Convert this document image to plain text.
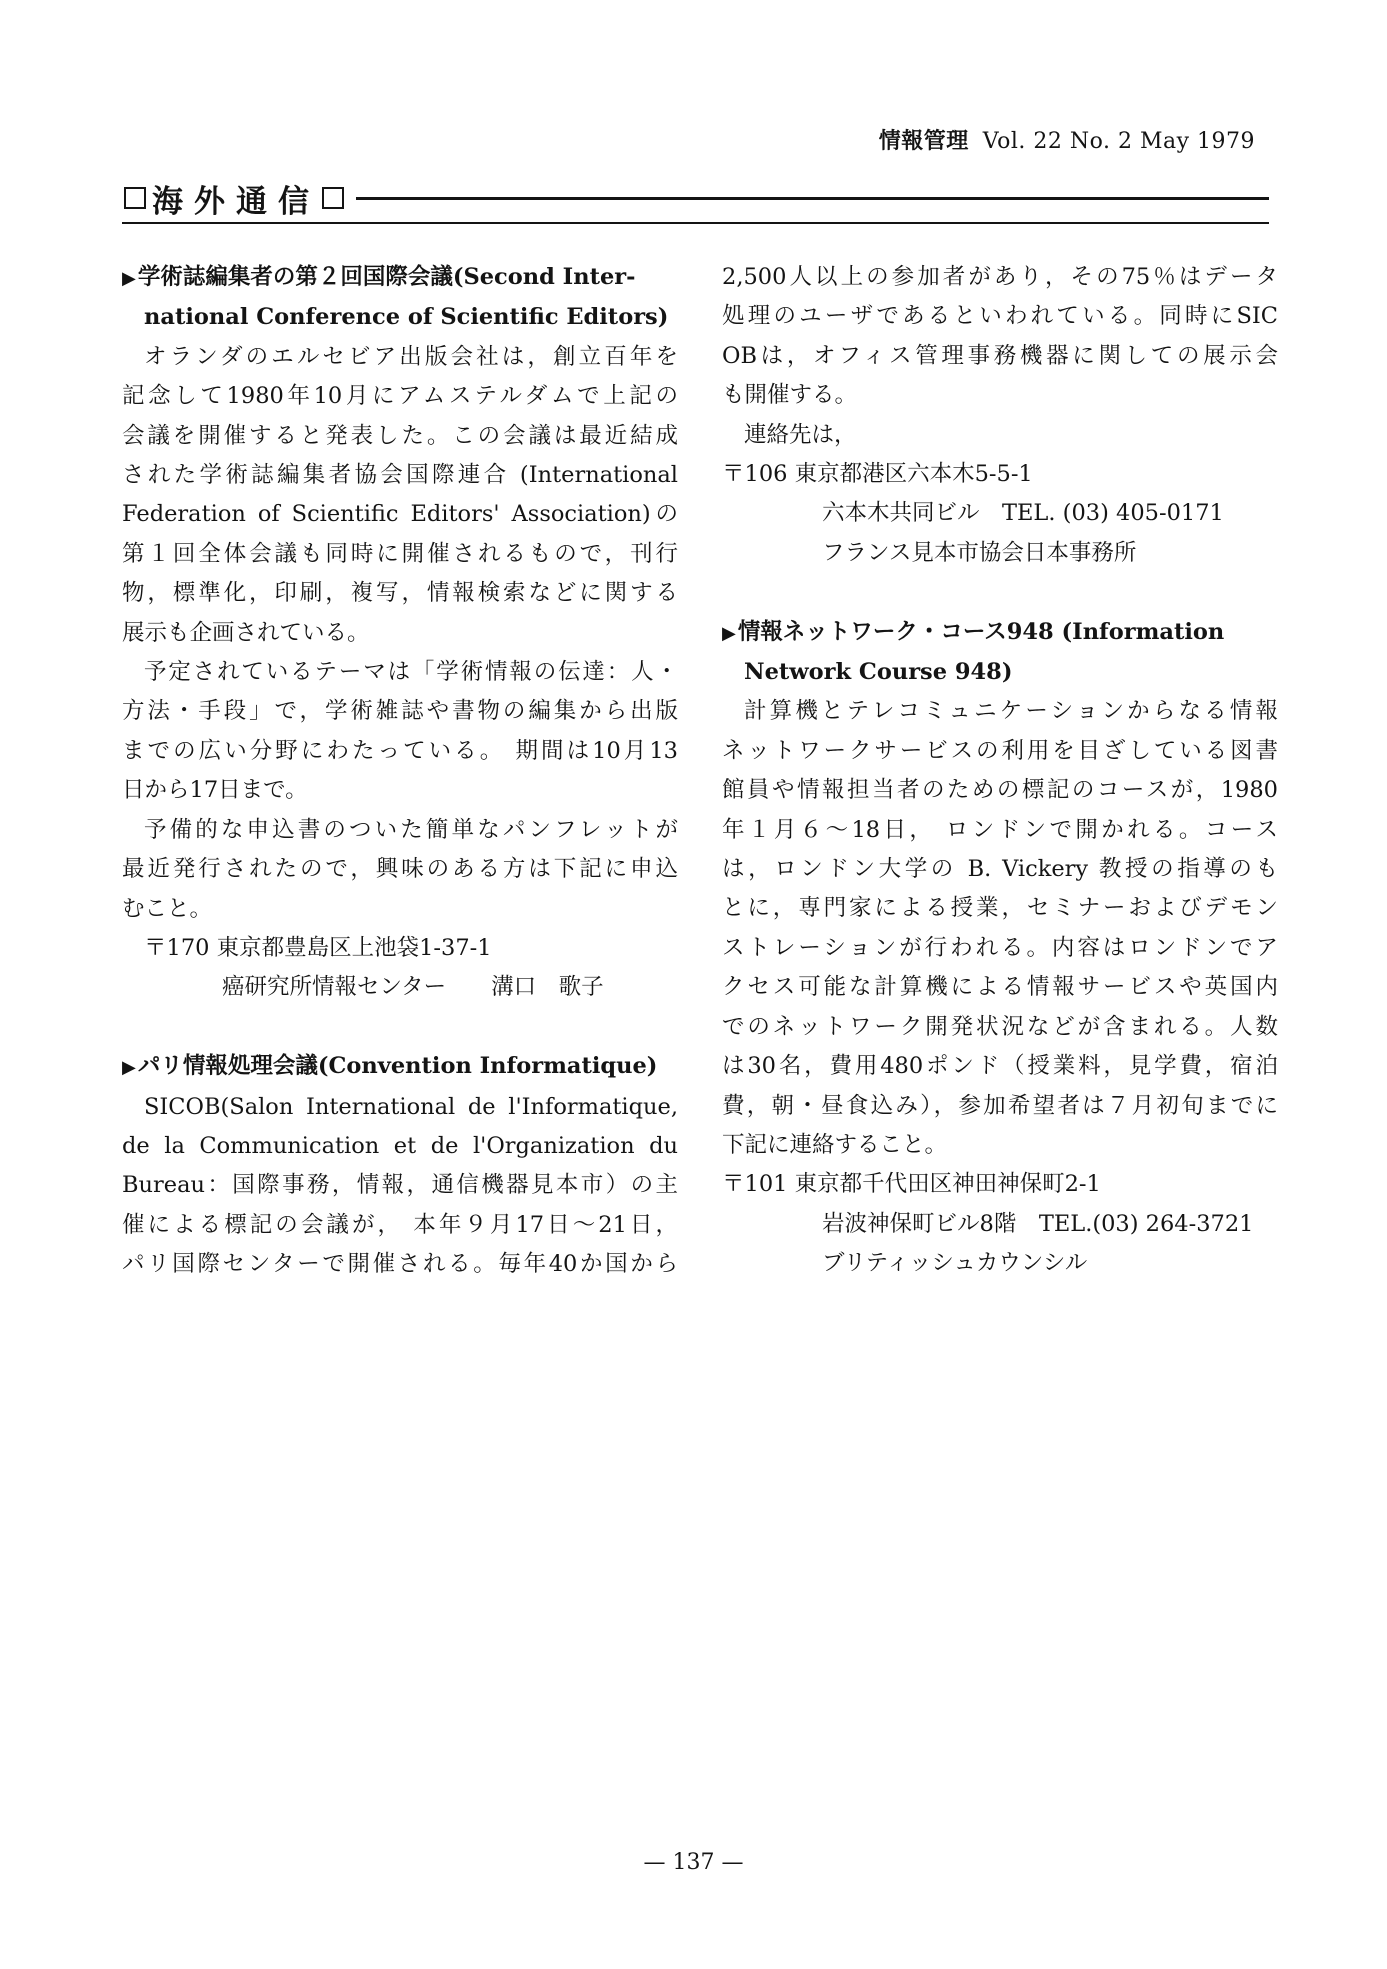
情報管理 Vol. 22 No. 2 May 1979
海外通信
▶学術誌編集者の第２回国際会議(Second Inter-
national Conference of Scientific Editors)
オランダのエルセビア出版会社は，創立百年を
記念して1980年10月にアムステルダムで上記の
会議を開催すると発表した。この会議は最近結成
された学術誌編集者協会国際連合 (International
Federation of Scientific Editors' Association)の
第１回全体会議も同時に開催されるもので，刊行
物，標準化，印刷，複写，情報検索などに関する
展示も企画されている。
予定されているテーマは「学術情報の伝達：人・
方法・手段」で，学術雑誌や書物の編集から出版
までの広い分野にわたっている。 期間は10月13
日から17日まで。
予備的な申込書のついた簡単なパンフレットが
最近発行されたので，興味のある方は下記に申込
むこと。
〒170 東京都豊島区上池袋1-37-1
癌研究所情報センター　　溝口　歌子
▶パリ情報処理会議(Convention Informatique)
SICOB(Salon International de l'Informatique,
de la Communication et de l'Organization du
Bureau：国際事務，情報，通信機器見本市）の主
催による標記の会議が， 本年９月17日～21日，
パリ国際センターで開催される。毎年40か国から
2,500人以上の参加者があり，その75％はデータ
処理のユーザであるといわれている。同時にSIC
OBは，オフィス管理事務機器に関しての展示会
も開催する。
連絡先は，
〒106 東京都港区六本木5-5-1
六本木共同ビル　TEL. (03) 405-0171
フランス見本市協会日本事務所
▶情報ネットワーク・コース948 (Information
Network Course 948)
計算機とテレコミュニケーションからなる情報
ネットワークサービスの利用を目ざしている図書
館員や情報担当者のための標記のコースが，1980
年１月６～18日， ロンドンで開かれる。コース
は，ロンドン大学の B. Vickery 教授の指導のも
とに，専門家による授業，セミナーおよびデモン
ストレーションが行われる。内容はロンドンでア
クセス可能な計算機による情報サービスや英国内
でのネットワーク開発状況などが含まれる。人数
は30名，費用480ポンド（授業料，見学費，宿泊
費，朝・昼食込み），参加希望者は７月初旬までに
下記に連絡すること。
〒101 東京都千代田区神田神保町2-1
岩波神保町ビル8階　TEL.(03) 264-3721
ブリティッシュカウンシル
— 137 —
